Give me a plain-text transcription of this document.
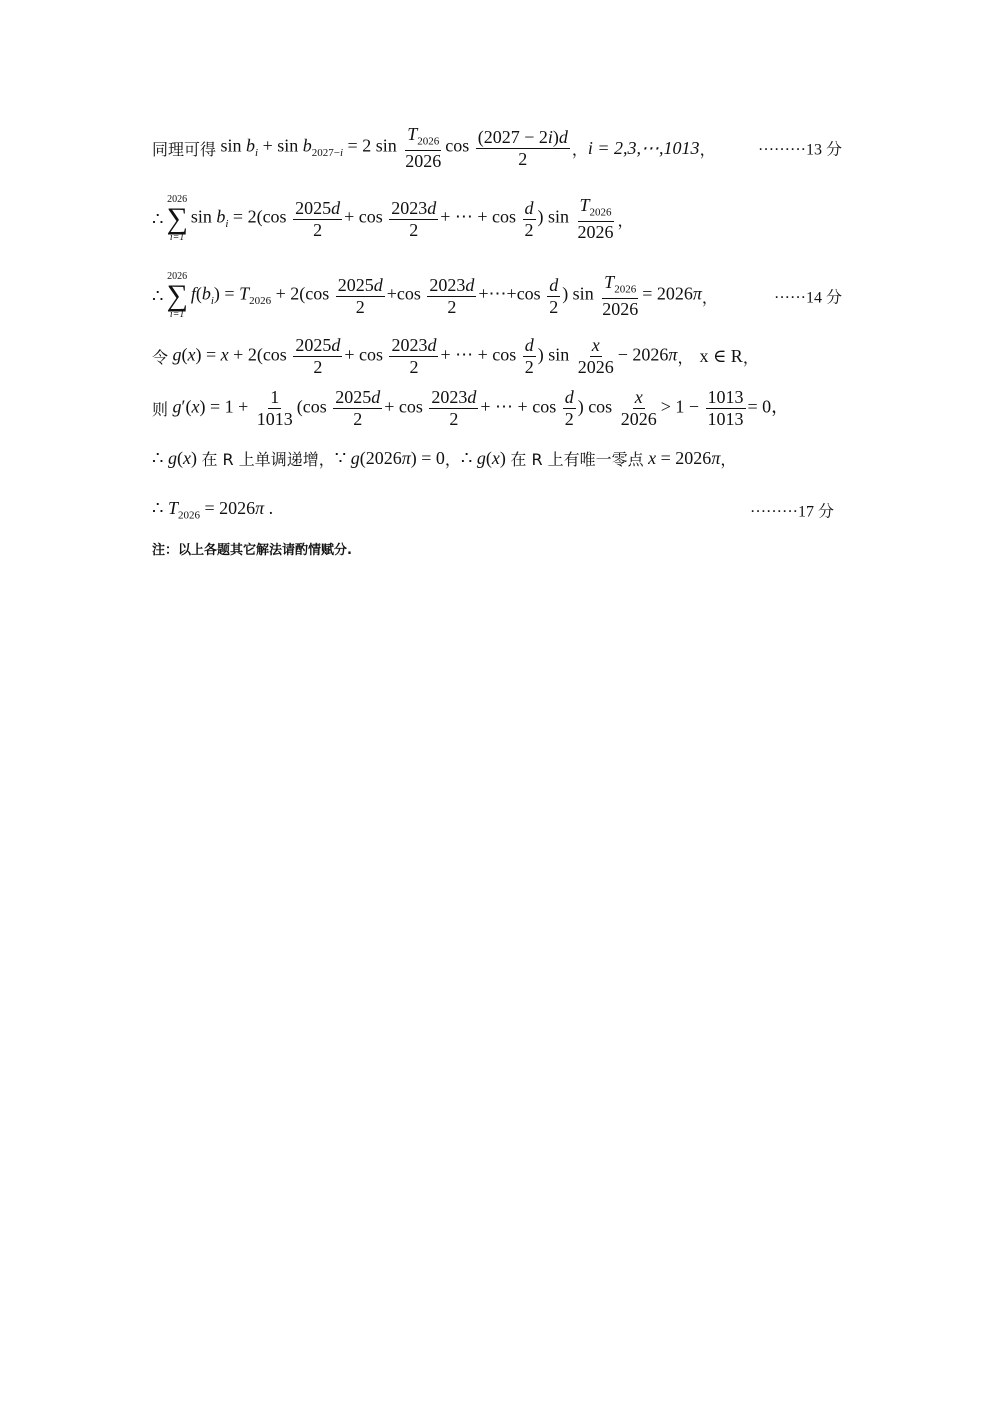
同理可得 $\sin b_i + \sin b_{2027-i} = 2$ $\sin \frac{T_{2026}}{2026}$ $\cos \frac{(2027 - 2i)d}{2}$ ， i = 2,3,⋯,1013 ，	·········13 分
∴
2026
∑
i=1
$\sin b_i = 2(\cos \frac{2025d}{2} + \cos \frac{2023d}{2}$ + ⋯ + $\cos \frac{d}{2}$ ) $\sin \frac{T_{2026}}{2026}$ ，
∴
2026
∑
i=1
$f(b_i) = T_{2026} + 2(\cos \frac{2025d}{2} +\cos \frac{2023d}{2}$ +⋯+cos $\frac{d}{2}$ ) $\sin \frac{T_{2026}}{2026} = 2026\pi$ ，	······14 分
令 $g(x) = x + 2(\cos \frac{2025d}{2} + \cos \frac{2023d}{2}$ + ⋯ + $\cos \frac{d}{2}$ ) $\sin \frac{x}{2026} - 2026\pi$ ， x ∈ R ，
则 $g'(x) = 1 + \frac{1}{1013} (\cos \frac{2025d}{2} + \cos \frac{2023d}{2}$ + ⋯ + $\cos \frac{d}{2}$ ) $\cos \frac{x}{2026} > 1 - \frac{1013}{1013} = 0$，
∴ g(x) 在 R 上单调递增， ∵ g(2026π) = 0 ， ∴ g(x) 在 R 上有唯一零点 x = 2026π ，
∴ $T_{2026} = 2026\pi$ .	·········17 分
注：以上各题其它解法请酌情赋分.
